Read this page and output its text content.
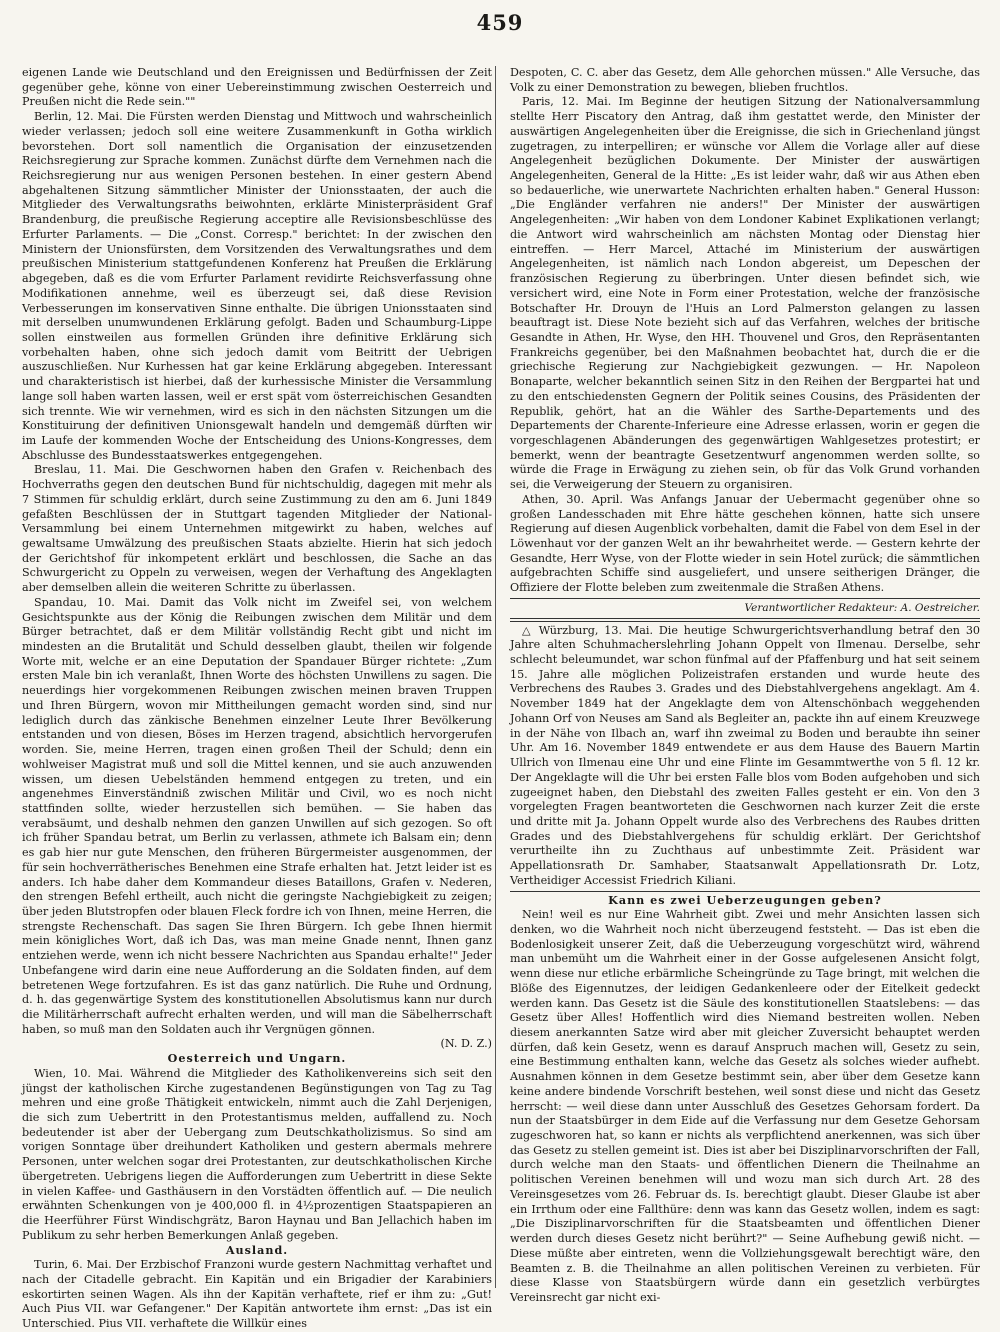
459

eigenen Lande wie Deutschland und den Ereignissen und Bedürfnissen der Zeit gegenüber gehe, könne von einer Uebereinstimmung zwischen Oesterreich und Preußen nicht die Rede sein.""

Berlin, 12. Mai. Die Fürsten werden Dienstag und Mittwoch und wahrscheinlich wieder verlassen; jedoch soll eine weitere Zusammenkunft in Gotha wirklich bevorstehen. Dort soll namentlich die Organisation der einzusetzenden Reichsregierung zur Sprache kommen. Zunächst dürfte dem Vernehmen nach die Reichsregierung nur aus wenigen Personen bestehen. In einer gestern Abend abgehaltenen Sitzung sämmtlicher Minister der Unionsstaaten, der auch die Mitglieder des Verwaltungsraths beiwohnten, erklärte Ministerpräsident Graf Brandenburg, die preußische Regierung acceptire alle Revisionsbeschlüsse des Erfurter Parlaments. — Die „Const. Corresp." berichtet: In der zwischen den Ministern der Unionsfürsten, dem Vorsitzenden des Verwaltungsrathes und dem preußischen Ministerium stattgefundenen Konferenz hat Preußen die Erklärung abgegeben, daß es die vom Erfurter Parlament revidirte Reichsverfassung ohne Modifikationen annehme, weil es überzeugt sei, daß diese Revision Verbesserungen im konservativen Sinne enthalte. Die übrigen Unionsstaaten sind mit derselben unumwundenen Erklärung gefolgt. Baden und Schaumburg-Lippe sollen einstweilen aus formellen Gründen ihre definitive Erklärung sich vorbehalten haben, ohne sich jedoch damit vom Beitritt der Uebrigen auszuschließen. Nur Kurhessen hat gar keine Erklärung abgegeben. Interessant und charakteristisch ist hierbei, daß der kurhessische Minister die Versammlung lange soll haben warten lassen, weil er erst spät vom österreichischen Gesandten sich trennte. Wie wir vernehmen, wird es sich in den nächsten Sitzungen um die Konstituirung der definitiven Unionsgewalt handeln und demgemäß dürften wir im Laufe der kommenden Woche der Entscheidung des Unions-Kongresses, dem Abschlusse des Bundesstaatswerkes entgegengehen.

Breslau, 11. Mai. Die Geschwornen haben den Grafen v. Reichenbach des Hochverraths gegen den deutschen Bund für nichtschuldig, dagegen mit mehr als 7 Stimmen für schuldig erklärt, durch seine Zustimmung zu den am 6. Juni 1849 gefaßten Beschlüssen der in Stuttgart tagenden Mitglieder der National-Versammlung bei einem Unternehmen mitgewirkt zu haben, welches auf gewaltsame Umwälzung des preußischen Staats abzielte. Hierin hat sich jedoch der Gerichtshof für inkompetent erklärt und beschlossen, die Sache an das Schwurgericht zu Oppeln zu verweisen, wegen der Verhaftung des Angeklagten aber demselben allein die weiteren Schritte zu überlassen.

Spandau, 10. Mai. Damit das Volk nicht im Zweifel sei, von welchem Gesichtspunkte aus der König die Reibungen zwischen dem Militär und dem Bürger betrachtet, daß er dem Militär vollständig Recht gibt und nicht im mindesten an die Brutalität und Schuld desselben glaubt, theilen wir folgende Worte mit, welche er an eine Deputation der Spandauer Bürger richtete: „Zum ersten Male bin ich veranlaßt, Ihnen Worte des höchsten Unwillens zu sagen. Die neuerdings hier vorgekommenen Reibungen zwischen meinen braven Truppen und Ihren Bürgern, wovon mir Mittheilungen gemacht worden sind, sind nur lediglich durch das zänkische Benehmen einzelner Leute Ihrer Bevölkerung entstanden und von diesen, Böses im Herzen tragend, absichtlich hervorgerufen worden. Sie, meine Herren, tragen einen großen Theil der Schuld; denn ein wohlweiser Magistrat muß und soll die Mittel kennen, und sie auch anzuwenden wissen, um diesen Uebelständen hemmend entgegen zu treten, und ein angenehmes Einverständniß zwischen Militär und Civil, wo es noch nicht stattfinden sollte, wieder herzustellen sich bemühen. — Sie haben das verabsäumt, und deshalb nehmen den ganzen Unwillen auf sich gezogen. So oft ich früher Spandau betrat, um Berlin zu verlassen, athmete ich Balsam ein; denn es gab hier nur gute Menschen, den früheren Bürgermeister ausgenommen, der für sein hochverrätherisches Benehmen eine Strafe erhalten hat. Jetzt leider ist es anders. Ich habe daher dem Kommandeur dieses Bataillons, Grafen v. Nederen, den strengen Befehl ertheilt, auch nicht die geringste Nachgiebigkeit zu zeigen; über jeden Blutstropfen oder blauen Fleck fordre ich von Ihnen, meine Herren, die strengste Rechenschaft. Das sagen Sie Ihren Bürgern. Ich gebe Ihnen hiermit mein königliches Wort, daß ich Das, was man meine Gnade nennt, Ihnen ganz entziehen werde, wenn ich nicht bessere Nachrichten aus Spandau erhalte!" Jeder Unbefangene wird darin eine neue Aufforderung an die Soldaten finden, auf dem betretenen Wege fortzufahren. Es ist das ganz natürlich. Die Ruhe und Ordnung, d. h. das gegenwärtige System des konstitutionellen Absolutismus kann nur durch die Militärherrschaft aufrecht erhalten werden, und will man die Säbelherrschaft haben, so muß man den Soldaten auch ihr Vergnügen gönnen.

(N. D. Z.)

Oesterreich und Ungarn.

Wien, 10. Mai. Während die Mitglieder des Katholikenvereins sich seit den jüngst der katholischen Kirche zugestandenen Begünstigungen von Tag zu Tag mehren und eine große Thätigkeit entwickeln, nimmt auch die Zahl Derjenigen, die sich zum Uebertritt in den Protestantismus melden, auffallend zu. Noch bedeutender ist aber der Uebergang zum Deutschkatholizismus. So sind am vorigen Sonntage über dreihundert Katholiken und gestern abermals mehrere Personen, unter welchen sogar drei Protestanten, zur deutschkatholischen Kirche übergetreten. Uebrigens liegen die Aufforderungen zum Uebertritt in diese Sekte in vielen Kaffee- und Gasthäusern in den Vorstädten öffentlich auf. — Die neulich erwähnten Schenkungen von je 400,000 fl. in 4½prozentigen Staatspapieren an die Heerführer Fürst Windischgrätz, Baron Haynau und Ban Jellachich haben im Publikum zu sehr herben Bemerkungen Anlaß gegeben.

Ausland.

Turin, 6. Mai. Der Erzbischof Franzoni wurde gestern Nachmittag verhaftet und nach der Citadelle gebracht. Ein Kapitän und ein Brigadier der Karabiniers eskortirten seinen Wagen. Als ihn der Kapitän verhaftete, rief er ihm zu: „Gut! Auch Pius VII. war Gefangener." Der Kapitän antwortete ihm ernst: „Das ist ein Unterschied. Pius VII. verhaftete die Willkür eines

Despoten, C. C. aber das Gesetz, dem Alle gehorchen müssen." Alle Versuche, das Volk zu einer Demonstration zu bewegen, blieben fruchtlos.

Paris, 12. Mai. Im Beginne der heutigen Sitzung der Nationalversammlung stellte Herr Piscatory den Antrag, daß ihm gestattet werde, den Minister der auswärtigen Angelegenheiten über die Ereignisse, die sich in Griechenland jüngst zugetragen, zu interpelliren; er wünsche vor Allem die Vorlage aller auf diese Angelegenheit bezüglichen Dokumente. Der Minister der auswärtigen Angelegenheiten, General de la Hitte: „Es ist leider wahr, daß wir aus Athen eben so bedauerliche, wie unerwartete Nachrichten erhalten haben." General Husson: „Die Engländer verfahren nie anders!" Der Minister der auswärtigen Angelegenheiten: „Wir haben von dem Londoner Kabinet Explikationen verlangt; die Antwort wird wahrscheinlich am nächsten Montag oder Dienstag hier eintreffen. — Herr Marcel, Attaché im Ministerium der auswärtigen Angelegenheiten, ist nämlich nach London abgereist, um Depeschen der französischen Regierung zu überbringen. Unter diesen befindet sich, wie versichert wird, eine Note in Form einer Protestation, welche der französische Botschafter Hr. Drouyn de l'Huis an Lord Palmerston gelangen zu lassen beauftragt ist. Diese Note bezieht sich auf das Verfahren, welches der britische Gesandte in Athen, Hr. Wyse, den HH. Thouvenel und Gros, den Repräsentanten Frankreichs gegenüber, bei den Maßnahmen beobachtet hat, durch die er die griechische Regierung zur Nachgiebigkeit gezwungen. — Hr. Napoleon Bonaparte, welcher bekanntlich seinen Sitz in den Reihen der Bergpartei hat und zu den entschiedensten Gegnern der Politik seines Cousins, des Präsidenten der Republik, gehört, hat an die Wähler des Sarthe-Departements und des Departements der Charente-Inferieure eine Adresse erlassen, worin er gegen die vorgeschlagenen Abänderungen des gegenwärtigen Wahlgesetzes protestirt; er bemerkt, wenn der beantragte Gesetzentwurf angenommen werden sollte, so würde die Frage in Erwägung zu ziehen sein, ob für das Volk Grund vorhanden sei, die Verweigerung der Steuern zu organisiren.

Athen, 30. April. Was Anfangs Januar der Uebermacht gegenüber ohne so großen Landesschaden mit Ehre hätte geschehen können, hatte sich unsere Regierung auf diesen Augenblick vorbehalten, damit die Fabel von dem Esel in der Löwenhaut vor der ganzen Welt an ihr bewahrheitet werde. — Gestern kehrte der Gesandte, Herr Wyse, von der Flotte wieder in sein Hotel zurück; die sämmtlichen aufgebrachten Schiffe sind ausgeliefert, und unsere seitherigen Dränger, die Offiziere der Flotte beleben zum zweitenmale die Straßen Athens.

Verantwortlicher Redakteur: A. Oestreicher.

△ Würzburg, 13. Mai. Die heutige Schwurgerichtsverhandlung betraf den 30 Jahre alten Schuhmacherslehrling Johann Oppelt von Ilmenau. Derselbe, sehr schlecht beleumundet, war schon fünfmal auf der Pfaffenburg und hat seit seinem 15. Jahre alle möglichen Polizeistrafen erstanden und wurde heute des Verbrechens des Raubes 3. Grades und des Diebstahlvergehens angeklagt. Am 4. November 1849 hat der Angeklagte dem von Altenschönbach weggehenden Johann Orf von Neuses am Sand als Begleiter an, packte ihn auf einem Kreuzwege in der Nähe von Ilbach an, warf ihn zweimal zu Boden und beraubte ihn seiner Uhr. Am 16. November 1849 entwendete er aus dem Hause des Bauern Martin Ullrich von Ilmenau eine Uhr und eine Flinte im Gesammtwerthe von 5 fl. 12 kr. Der Angeklagte will die Uhr bei ersten Falle blos vom Boden aufgehoben und sich zugeeignet haben, den Diebstahl des zweiten Falles gesteht er ein. Von den 3 vorgelegten Fragen beantworteten die Geschwornen nach kurzer Zeit die erste und dritte mit Ja. Johann Oppelt wurde also des Verbrechens des Raubes dritten Grades und des Diebstahlvergehens für schuldig erklärt. Der Gerichtshof verurtheilte ihn zu Zuchthaus auf unbestimmte Zeit. Präsident war Appellationsrath Dr. Samhaber, Staatsanwalt Appellationsrath Dr. Lotz, Vertheidiger Accessist Friedrich Kiliani.

Kann es zwei Ueberzeugungen geben?

Nein! weil es nur Eine Wahrheit gibt. Zwei und mehr Ansichten lassen sich denken, wo die Wahrheit noch nicht überzeugend feststeht. — Das ist eben die Bodenlosigkeit unserer Zeit, daß die Ueberzeugung vorgeschützt wird, während man unbemüht um die Wahrheit einer in der Gosse aufgelesenen Ansicht folgt, wenn diese nur etliche erbärmliche Scheingründe zu Tage bringt, mit welchen die Blöße des Eigennutzes, der leidigen Gedankenleere oder der Eitelkeit gedeckt werden kann. Das Gesetz ist die Säule des konstitutionellen Staatslebens: — das Gesetz über Alles! Hoffentlich wird dies Niemand bestreiten wollen. Neben diesem anerkannten Satze wird aber mit gleicher Zuversicht behauptet werden dürfen, daß kein Gesetz, wenn es darauf Anspruch machen will, Gesetz zu sein, eine Bestimmung enthalten kann, welche das Gesetz als solches wieder aufhebt. Ausnahmen können in dem Gesetze bestimmt sein, aber über dem Gesetze kann keine andere bindende Vorschrift bestehen, weil sonst diese und nicht das Gesetz herrscht: — weil diese dann unter Ausschluß des Gesetzes Gehorsam fordert. Da nun der Staatsbürger in dem Eide auf die Verfassung nur dem Gesetze Gehorsam zugeschworen hat, so kann er nichts als verpflichtend anerkennen, was sich über das Gesetz zu stellen gemeint ist. Dies ist aber bei Disziplinarvorschriften der Fall, durch welche man den Staats- und öffentlichen Dienern die Theilnahme an politischen Vereinen benehmen will und wozu man sich durch Art. 28 des Vereinsgesetzes vom 26. Februar ds. Is. berechtigt glaubt. Dieser Glaube ist aber ein Irrthum oder eine Fallthüre: denn was kann das Gesetz wollen, indem es sagt: „Die Disziplinarvorschriften für die Staatsbeamten und öffentlichen Diener werden durch dieses Gesetz nicht berührt?" — Seine Aufhebung gewiß nicht. — Diese müßte aber eintreten, wenn die Vollziehungsgewalt berechtigt wäre, den Beamten z. B. die Theilnahme an allen politischen Vereinen zu verbieten. Für diese Klasse von Staatsbürgern würde dann ein gesetzlich verbürgtes Vereinsrecht gar nicht exi-
